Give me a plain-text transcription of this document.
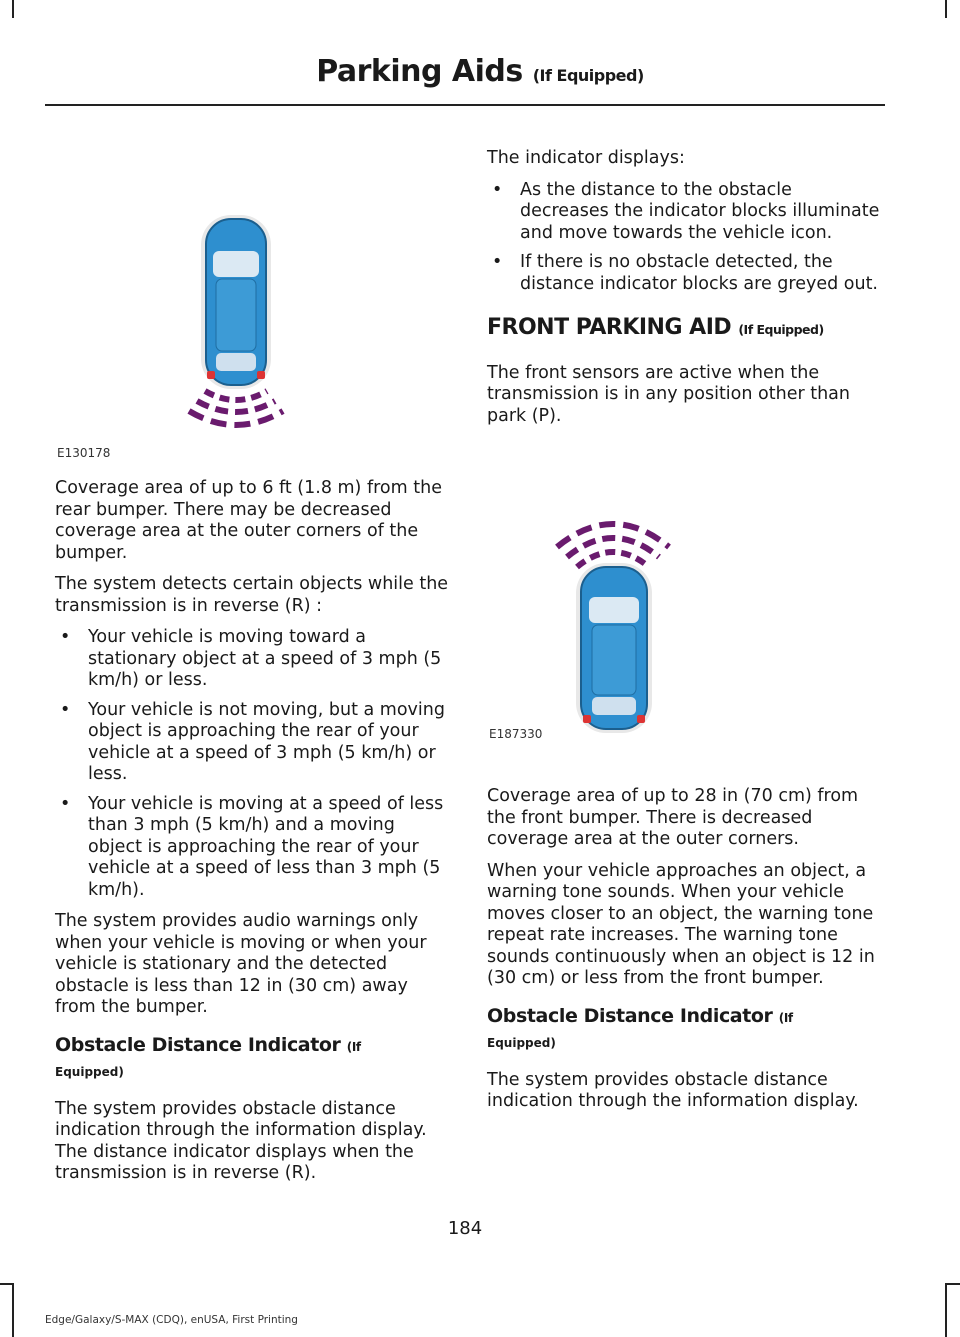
Parking Aids (If Equipped)
E130178

Coverage area of up to 6 ft (1.8 m) from the rear bumper. There may be decreased coverage area at the outer corners of the bumper.

The system detects certain objects while the transmission is in reverse (R) :

• Your vehicle is moving toward a stationary object at a speed of 3 mph (5 km/h) or less.
• Your vehicle is not moving, but a moving object is approaching the rear of your vehicle at a speed of 3 mph (5 km/h) or less.
• Your vehicle is moving at a speed of less than 3 mph (5 km/h) and a moving object is approaching the rear of your vehicle at a speed of less than 3 mph (5 km/h).

The system provides audio warnings only when your vehicle is moving or when your vehicle is stationary and the detected obstacle is less than 12 in (30 cm) away from the bumper.

Obstacle Distance Indicator (If
Equipped)

The system provides obstacle distance indication through the information display. The distance indicator displays when the transmission is in reverse (R).

The indicator displays:

• As the distance to the obstacle decreases the indicator blocks illuminate and move towards the vehicle icon.
• If there is no obstacle detected, the distance indicator blocks are greyed out.
FRONT PARKING AID (If Equipped)

The front sensors are active when the transmission is in any position other than park (P).

E187330

Coverage area of up to 28 in (70 cm) from the front bumper. There is decreased coverage area at the outer corners.

When your vehicle approaches an object, a warning tone sounds. When your vehicle moves closer to an object, the warning tone repeat rate increases. The warning tone sounds continuously when an object is 12 in (30 cm) or less from the front bumper.

Obstacle Distance Indicator (If
Equipped)

The system provides obstacle distance indication through the information display.

184
Edge/Galaxy/S-MAX (CDQ), enUSA, First Printing
